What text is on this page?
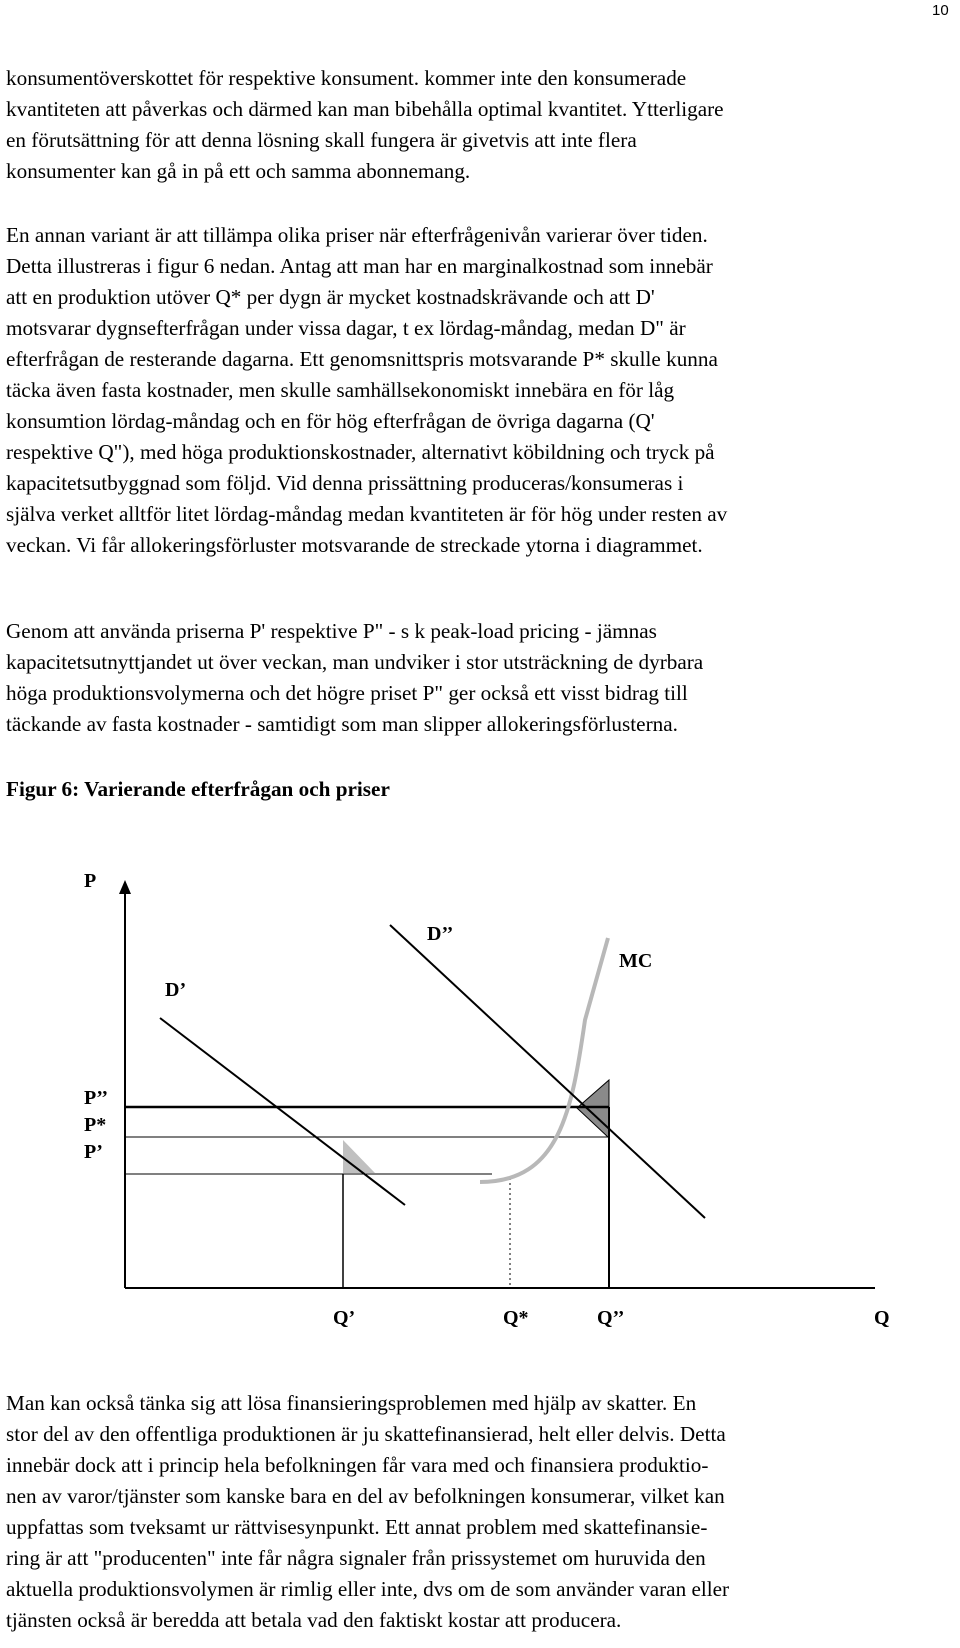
10

konsumentöverskottet för respektive konsument. kommer inte den konsumerade
kvantiteten att påverkas och därmed kan man bibehålla optimal kvantitet. Ytterligare
en förutsättning för att denna lösning skall fungera är givetvis att inte flera
konsumenter kan gå in på ett och samma abonnemang.

En annan variant är att tillämpa olika priser när efterfrågenivån varierar över tiden.
Detta illustreras i figur 6 nedan. Antag att man har en marginalkostnad som innebär
att en produktion utöver Q* per dygn är mycket kostnadskrävande och att D'
motsvarar dygnsefterfrågan under vissa dagar, t ex lördag-måndag, medan D" är
efterfrågan de resterande dagarna. Ett genomsnittspris motsvarande P* skulle kunna
täcka även fasta kostnader, men skulle samhällsekonomiskt innebära en för låg
konsumtion lördag-måndag och en för hög efterfrågan de övriga dagarna (Q'
respektive Q"), med höga produktionskostnader, alternativt köbildning och tryck på
kapacitetsutbyggnad som följd. Vid denna prissättning produceras/konsumeras i
själva verket alltför litet lördag-måndag medan kvantiteten är för hög under resten av
veckan. Vi får allokeringsförluster motsvarande de streckade ytorna i diagrammet.

Genom att använda priserna P' respektive P" - s k peak-load pricing - jämnas
kapacitetsutnyttjandet ut över veckan, man undviker i stor utsträckning de dyrbara
höga produktionsvolymerna och det högre priset P" ger också ett visst bidrag till
täckande av fasta kostnader - samtidigt som man slipper allokeringsförlusterna.

Figur 6: Varierande efterfrågan och priser
P
Q
D’
D’’
MC
P’’
P*
P’
Q’	Q*	Q’’

Man kan också tänka sig att lösa finansieringsproblemen med hjälp av skatter. En
stor del av den offentliga produktionen är ju skattefinansierad, helt eller delvis. Detta
innebär dock att i princip hela befolkningen får vara med och finansiera produktio-
nen av varor/tjänster som kanske bara en del av befolkningen konsumerar, vilket kan
uppfattas som tveksamt ur rättvisesynpunkt. Ett annat problem med skattefinansie-
ring är att "producenten" inte får några signaler från prissystemet om huruvida den
aktuella produktionsvolymen är rimlig eller inte, dvs om de som använder varan eller
tjänsten också är beredda att betala vad den faktiskt kostar att producera.
